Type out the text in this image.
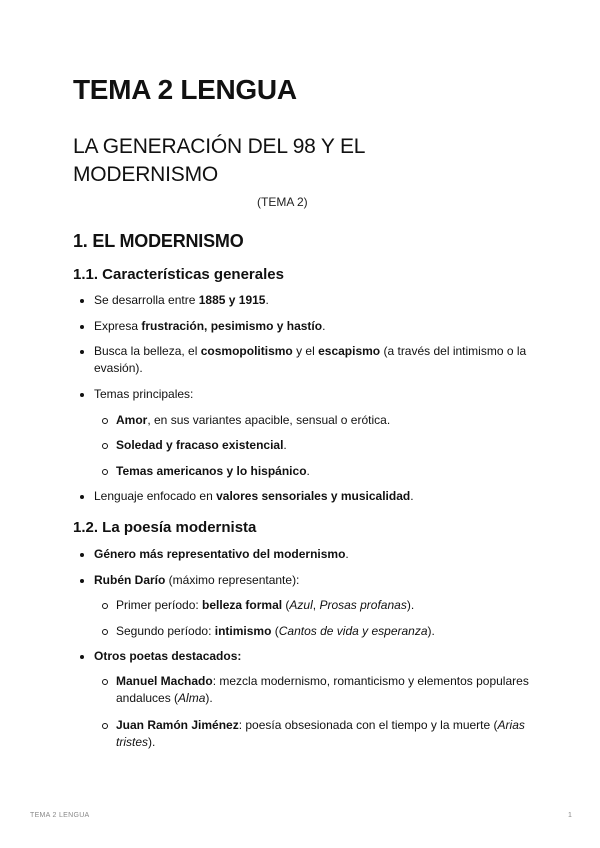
TEMA 2 LENGUA
LA GENERACIÓN DEL 98 Y EL MODERNISMO
(TEMA 2)
1. EL MODERNISMO
1.1. Características generales
Se desarrolla entre 1885 y 1915.
Expresa frustración, pesimismo y hastío.
Busca la belleza, el cosmopolitismo y el escapismo (a través del intimismo o la evasión).
Temas principales:
Amor, en sus variantes apacible, sensual o erótica.
Soledad y fracaso existencial.
Temas americanos y lo hispánico.
Lenguaje enfocado en valores sensoriales y musicalidad.
1.2. La poesía modernista
Género más representativo del modernismo.
Rubén Darío (máximo representante):
Primer período: belleza formal (Azul, Prosas profanas).
Segundo período: intimismo (Cantos de vida y esperanza).
Otros poetas destacados:
Manuel Machado: mezcla modernismo, romanticismo y elementos populares andaluces (Alma).
Juan Ramón Jiménez: poesía obsesionada con el tiempo y la muerte (Arias tristes).
TEMA 2 LENGUA	1
